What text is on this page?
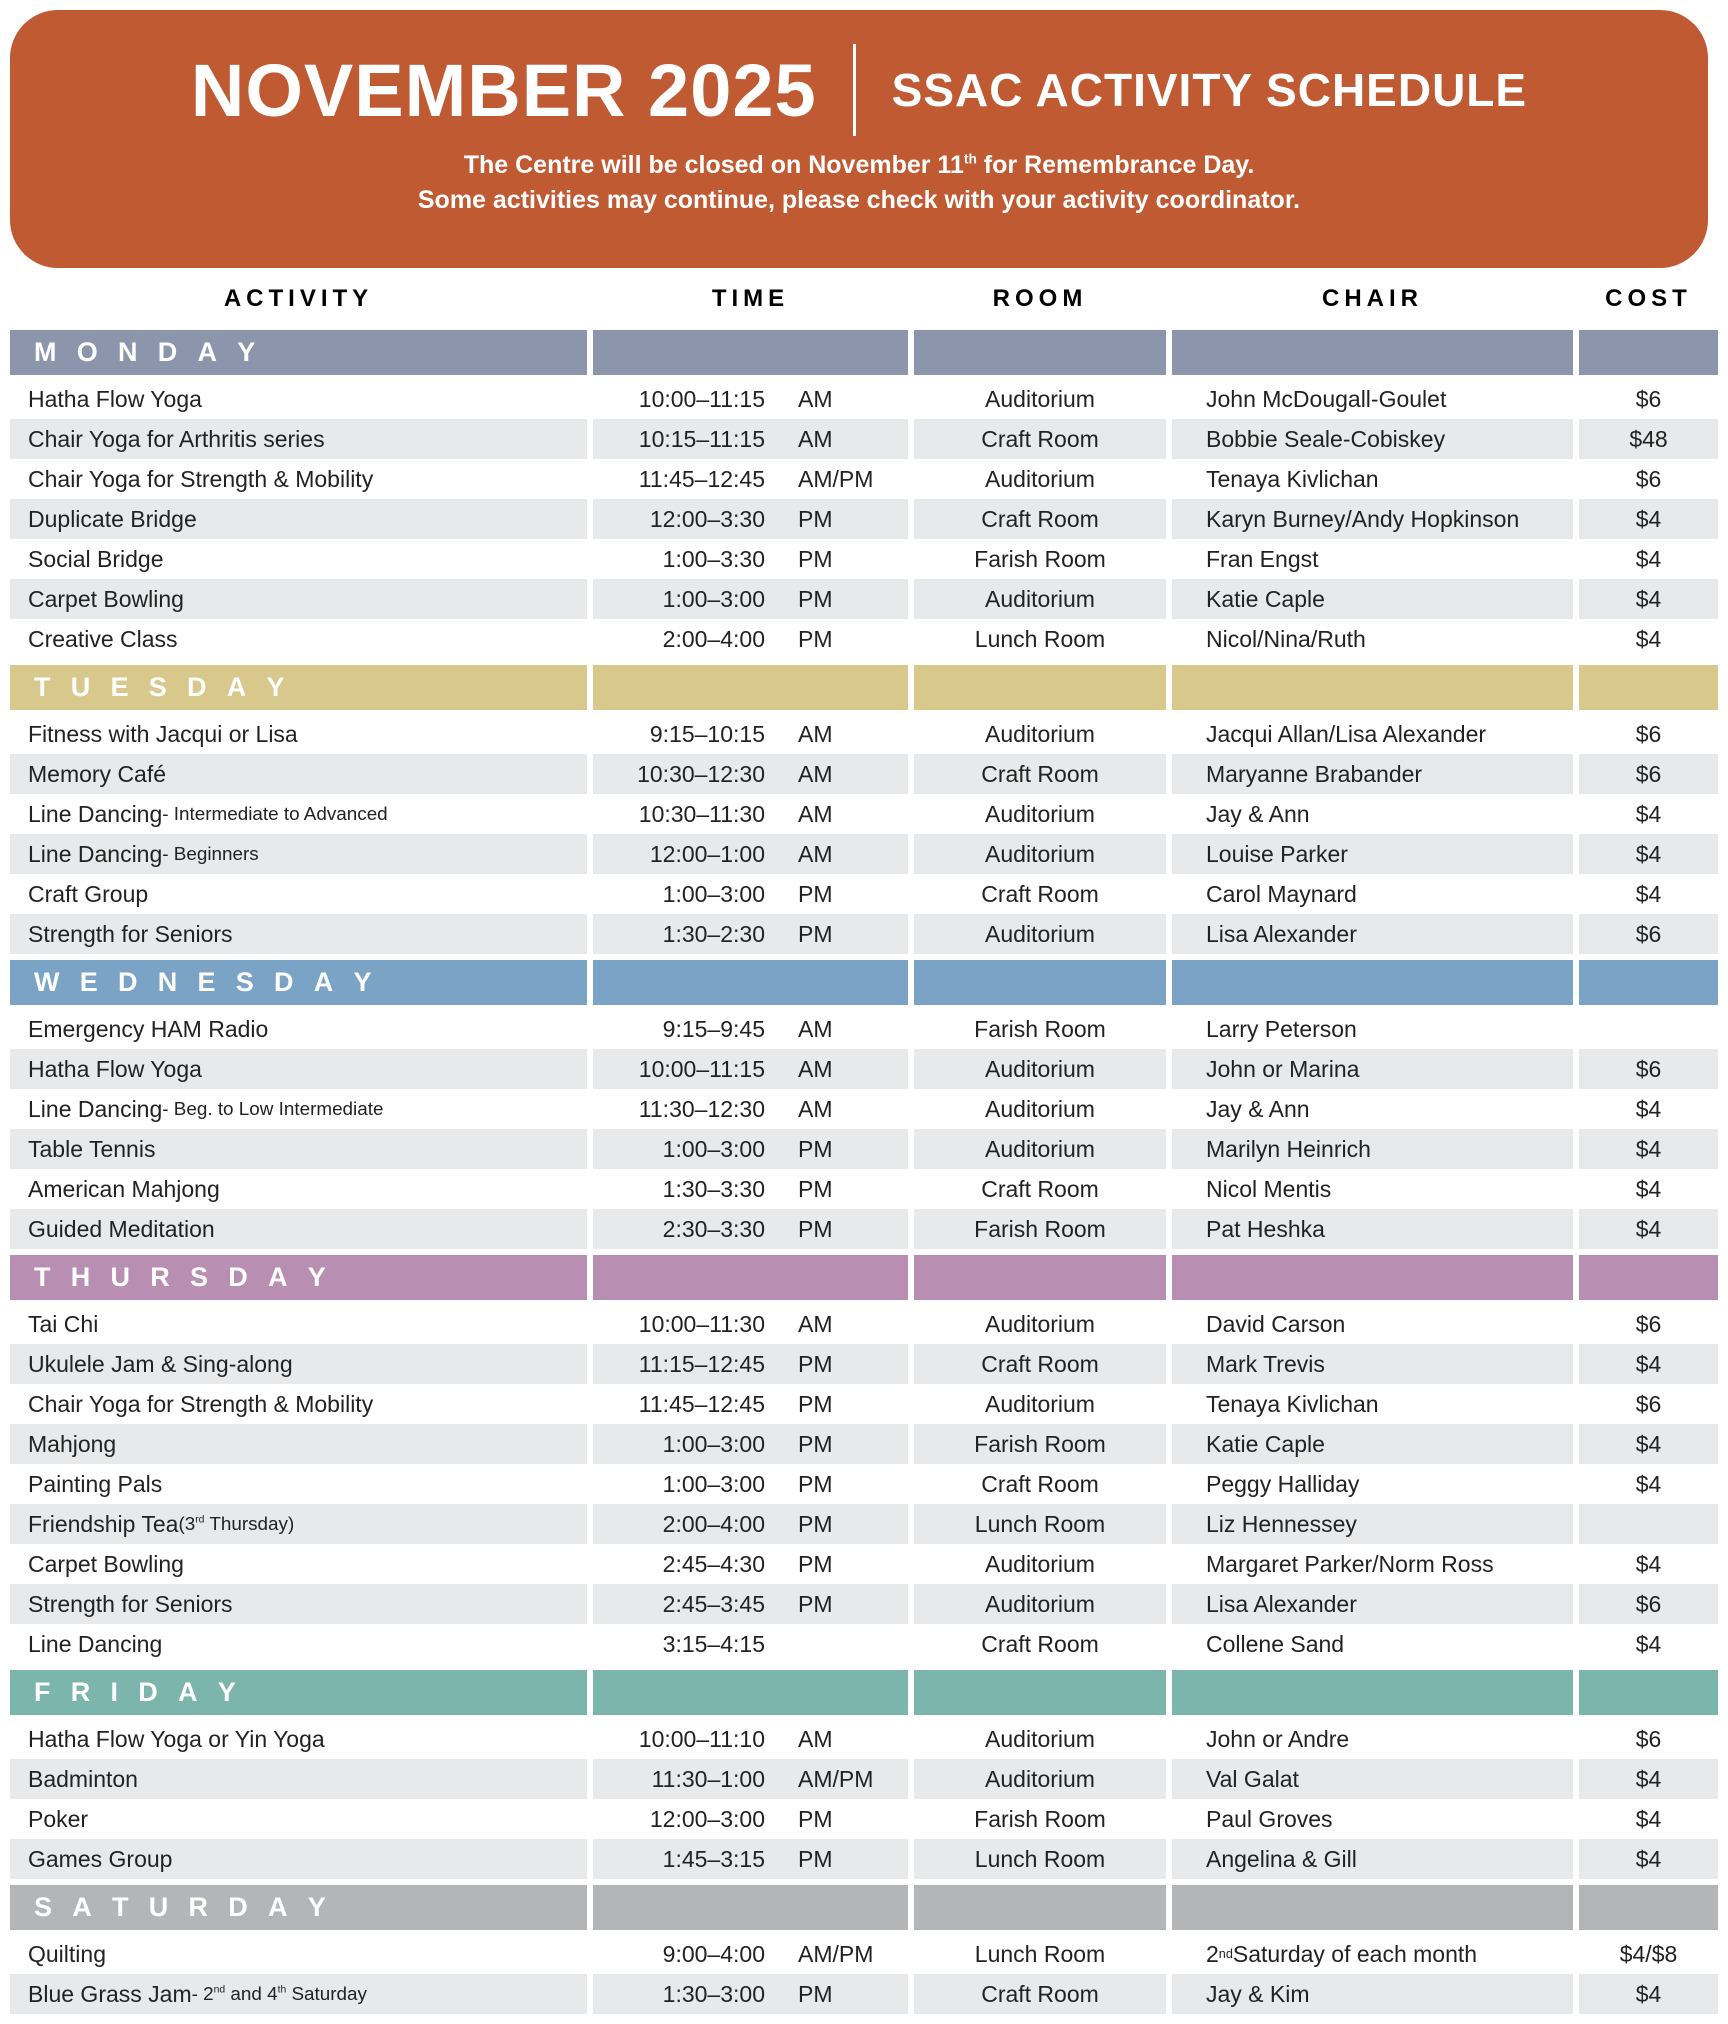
NOVEMBER 2025 SSAC ACTIVITY SCHEDULE
The Centre will be closed on November 11th for Remembrance Day.
Some activities may continue, please check with your activity coordinator.
ACTIVITY	TIME	ROOM	CHAIR	COST
M O N D A Y
Hatha Flow Yoga	10:00–11:15 AM	Auditorium	John McDougall-Goulet	$6
Chair Yoga for Arthritis series	10:15–11:15 AM	Craft Room	Bobbie Seale-Cobiskey	$48
Chair Yoga for Strength & Mobility	11:45–12:45 AM/PM	Auditorium	Tenaya Kivlichan	$6
Duplicate Bridge	12:00–3:30 PM	Craft Room	Karyn Burney/Andy Hopkinson	$4
Social Bridge	1:00–3:30 PM	Farish Room	Fran Engst	$4
Carpet Bowling	1:00–3:00 PM	Auditorium	Katie Caple	$4
Creative Class	2:00–4:00 PM	Lunch Room	Nicol/Nina/Ruth	$4
T U E S D A Y
Fitness with Jacqui or Lisa	9:15–10:15 AM	Auditorium	Jacqui Allan/Lisa Alexander	$6
Memory Café	10:30–12:30 AM	Craft Room	Maryanne Brabander	$6
Line Dancing - Intermediate to Advanced	10:30–11:30 AM	Auditorium	Jay & Ann	$4
Line Dancing - Beginners	12:00–1:00 AM	Auditorium	Louise Parker	$4
Craft Group	1:00–3:00 PM	Craft Room	Carol Maynard	$4
Strength for Seniors	1:30–2:30 PM	Auditorium	Lisa Alexander	$6
W E D N E S D A Y
Emergency HAM Radio	9:15–9:45 AM	Farish Room	Larry Peterson
Hatha Flow Yoga	10:00–11:15 AM	Auditorium	John or Marina	$6
Line Dancing - Beg. to Low Intermediate	11:30–12:30 AM	Auditorium	Jay & Ann	$4
Table Tennis	1:00–3:00 PM	Auditorium	Marilyn Heinrich	$4
American Mahjong	1:30–3:30 PM	Craft Room	Nicol Mentis	$4
Guided Meditation	2:30–3:30 PM	Farish Room	Pat Heshka	$4
T H U R S D A Y
Tai Chi	10:00–11:30 AM	Auditorium	David Carson	$6
Ukulele Jam & Sing-along	11:15–12:45 PM	Craft Room	Mark Trevis	$4
Chair Yoga for Strength & Mobility	11:45–12:45 PM	Auditorium	Tenaya Kivlichan	$6
Mahjong	1:00–3:00 PM	Farish Room	Katie Caple	$4
Painting Pals	1:00–3:00 PM	Craft Room	Peggy Halliday	$4
Friendship Tea (3rd Thursday)	2:00–4:00 PM	Lunch Room	Liz Hennessey
Carpet Bowling	2:45–4:30 PM	Auditorium	Margaret Parker/Norm Ross	$4
Strength for Seniors	2:45–3:45 PM	Auditorium	Lisa Alexander	$6
Line Dancing	3:15–4:15	Craft Room	Collene Sand	$4
F R I D A Y
Hatha Flow Yoga or Yin Yoga	10:00–11:10 AM	Auditorium	John or Andre	$6
Badminton	11:30–1:00 AM/PM	Auditorium	Val Galat	$4
Poker	12:00–3:00 PM	Farish Room	Paul Groves	$4
Games Group	1:45–3:15 PM	Lunch Room	Angelina & Gill	$4
S A T U R D A Y
Quilting	9:00–4:00 AM/PM	Lunch Room	2 nd Saturday of each month	$4/$8
Blue Grass Jam - 2nd and 4th Saturday	1:30–3:00 PM	Craft Room	Jay & Kim	$4
